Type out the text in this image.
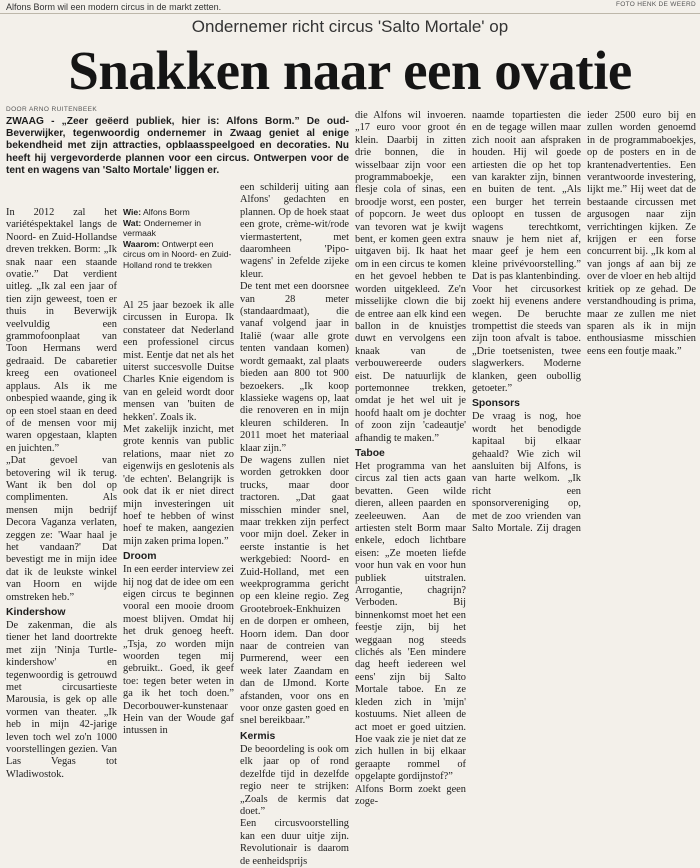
Alfons Borm wil een modern circus in de markt zetten.	FOTO HENK DE WEERD
Ondernemer richt circus 'Salto Mortale' op
Snakken naar een ovatie
DOOR ARNO RUITENBEEK

ZWAAG - „Zeer geëerd publiek, hier is: Alfons Borm.” De oud-Beverwijker, tegenwoordig ondernemer in Zwaag geniet al enige bekendheid met zijn attracties, opblaasspeelgoed en decoraties. Nu heeft hij vergevorderde plannen voor een circus. Ontwerpen voor de tent en wagens van 'Salto Mortale' liggen er.

In 2012 zal het variétéspektakel langs de Noord- en Zuid-Hollandse dreven trekken. Borm: „Ik snak naar een staande ovatie.” Dat verdient uitleg. „Ik zal een jaar of tien zijn geweest, toen er thuis in Beverwijk veelvuldig een grammofoonplaat van Toon Hermans werd gedraaid. De cabaretier kreeg een ovationeel applaus. Als ik me onbespied waande, ging ik op een stoel staan en deed of de mensen voor mij waren opgestaan, klapten en juichten.”

„Dat gevoel van betovering wil ik terug. Want ik ben dol op complimenten. Als mensen mijn bedrijf Decora Vaganza verlaten, zeggen ze: 'Waar haal je het vandaan?' Dat bevestigt me in mijn idee dat ik de leukste winkel van Hoorn en wijde omstreken heb.”

Kindershow

De zakenman, die als tiener het land doortrekte met zijn 'Ninja Turtle-kindershow' en tegenwoordig is getrouwd met circusartieste Marousia, is gek op alle vormen van theater. „Ik heb in mijn 42-jarige leven toch wel zo'n 1000 voorstellingen gezien. Van Las Vegas tot Wladiwostok.

Wie: Alfons Borm

Wat: Ondernemer in vermaak

Waarom: Ontwerpt een circus om in Noord- en Zuid-Holland rond te trekken

Al 25 jaar bezoek ik alle circussen in Europa. Ik constateer dat Nederland een professionel circus mist. Eentje dat net als het uiterst succesvolle Duitse Charles Knie eigendom is van en geleid wordt door mensen van 'buiten de hekken'. Zoals ik.

Met zakelijk inzicht, met grote kennis van public relations, maar niet zo eigenwijs en geslotenis als 'de echten'. Belangrijk is ook dat ik er niet direct mijn investeringen uit hoef te hebben of winst hoef te maken, aangezien mijn zaken prima lopen.”

Droom

In een eerder interview zei hij nog dat de idee om een eigen circus te beginnen vooral een mooie droom moest blijven. Omdat hij het druk genoeg heeft. „Tsja, zo worden mijn woorden tegen mij gebruikt.. Goed, ik geef toe: tegen beter weten in ga ik het toch doen.” Decorbouwer-kunstenaar Hein van der Woude gaf intussen in

een schilderij uiting aan Alfons' gedachten en plannen. Op de hoek staat een grote, crème-wit/rode viermastertent, met daaromheen 'Pipo-wagens' in 2efelde zijeke kleur.

De tent met een doorsnee van 28 meter (standaardmaat), die vanaf volgend jaar in Italië (waar alle grote tenten vandaan komen) wordt gemaakt, zal plaats bieden aan 800 tot 900 bezoekers. „Ik koop klassieke wagens op, laat die renoveren en in mijn kleuren schilderen. In 2011 moet het materiaal klaar zijn.”

De wagens zullen niet worden getrokken door trucks, maar door tractoren. „Dat gaat misschien minder snel, maar trekken zijn perfect voor mijn doel. Zeker in eerste instantie is het werkgebied: Noord- en Zuid-Holland, met een weekprogramma gericht op een kleine regio. Zeg Grootebroek-Enkhuizen en de dorpen er omheen, Hoorn idem. Dan door naar de contreien van Purmerend, weer een week later Zaandam en dan de IJmond. Korte afstanden, voor ons en voor onze gasten goed en snel bereikbaar.”

Kermis

De beoordeling is ook om elk jaar op of rond dezelfde tijd in dezelfde regio neer te strijken: „Zoals de kermis dat doet.”

Een circusvoorstelling kan een duur uitje zijn. Revolutionair is daarom de eenheidsprijs

die Alfons wil invoeren. „17 euro voor groot én klein. Daarbij in zitten drie bonnen, die in wisselbaar zijn voor een programmaboekje, een flesje cola of sinas, een broodje worst, een poster, of popcorn. Je weet dus van tevoren wat je kwijt bent, er komen geen extra uitgaven bij. Ik haat het om in een circus te komen en het gevoel hebben te worden uitgekleed. Ze'n misselijke clown die bij de entree aan elk kind een ballon in de knuistjes duwt en vervolgens een knaak van de verbouwereerde ouders eist. De natuurlijk de portemonnee trekken, omdat je het wel uit je hoofd haalt om je dochter of zoon zijn 'cadeautje' afhandig te maken.”

Taboe

Het programma van het circus zal tien acts gaan bevatten. Geen wilde dieren, alleen paarden en zeeleeuwen. Aan de artiesten stelt Borm maar enkele, edoch lichtbare eisen: „Ze moeten liefde voor hun vak en voor hun publiek uitstralen. Arrogantie, chagrijn? Verboden. Bij binnenkomst moet het een feestje zijn, bij het weggaan nog steeds clichés als 'Een mindere dag heeft iedereen wel eens' zijn bij Salto Mortale taboe. En ze kleden zich in 'mijn' kostuums. Niet alleen de act moet er goed uitzien. Hoe vaak zie je niet dat ze zich hullen in bij elkaar geraapte rommel of opgelapte gordijnstof?”

Alfons Borm zoekt geen zoge-

naamde topartiesten die en de tegage willen maar zich nooit aan afspraken houden. Hij wil goede artiesten die op het top van karakter zijn, binnen en buiten de tent. „Als een burger het terrein oploopt en tussen de wagens terechtkomt, snauw je hem niet af, maar geef je hem een kleine privévoorstelling.” Dat is pas klantenbinding.

Voor het circusorkest zoekt hij evenens andere wegen. De beruchte trompettist die steeds van zijn toon afvalt is taboe. „Drie toetsenisten, twee slagwerkers. Moderne klanken, geen oubollig getoeter.”

Sponsors

De vraag is nog, hoe wordt het benodigde kapitaal bij elkaar gehaald? Wie zich wil aansluiten bij Alfons, is van harte welkom. „Ik richt een sponsorvereniging op, met de zoo vrienden van Salto Mortale. Zij dragen ieder 2500 euro bij en zullen worden genoemd in de programmaboekjes, op de posters en in de krantenadvertenties. Een verantwoorde investering, lijkt me.” Hij weet dat de bestaande circussen met argusogen naar zijn verrichtingen kijken. Ze krijgen er een forse concurrent bij. „Ik kom al van jongs af aan bij ze over de vloer en heb altijd kritiek op ze gehad. De verstandhouding is prima, maar ze zullen me niet sparen als ik in mijn enthousiasme misschien eens een foutje maak.”
